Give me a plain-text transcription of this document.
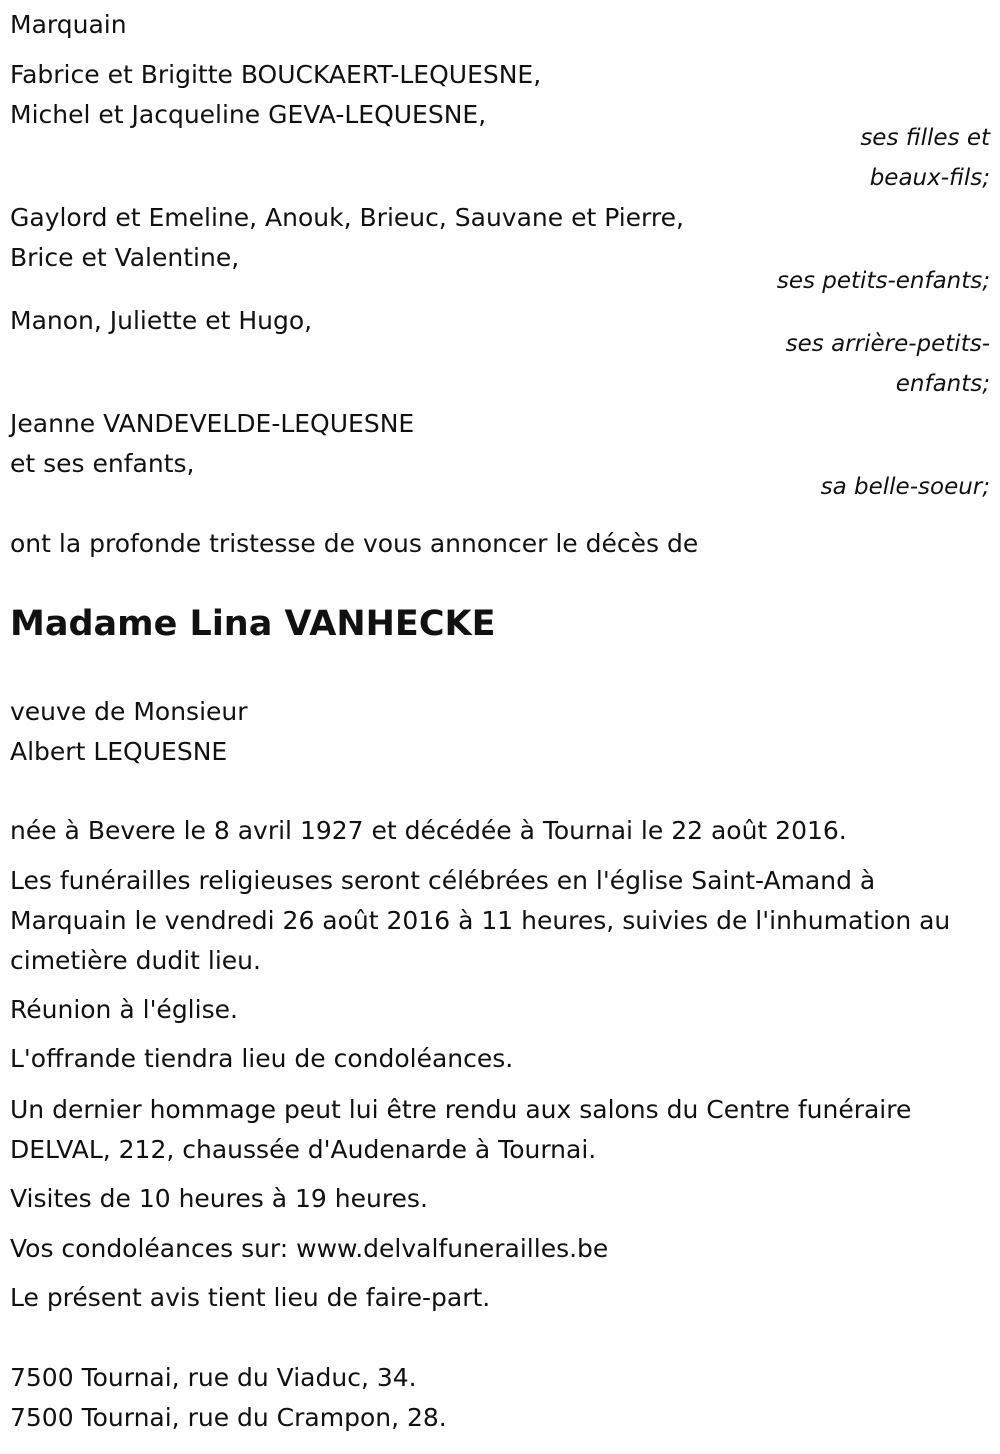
Marquain
Fabrice et Brigitte BOUCKAERT-LEQUESNE,
Michel et Jacqueline GEVA-LEQUESNE,
ses filles et
beaux-fils;
Gaylord et Emeline, Anouk, Brieuc, Sauvane et Pierre,
Brice et Valentine,
ses petits-enfants;
Manon, Juliette et Hugo,
ses arrière-petits-
enfants;
Jeanne VANDEVELDE-LEQUESNE
et ses enfants,
sa belle-soeur;
ont la profonde tristesse de vous annoncer le décès de
Madame Lina VANHECKE
veuve de Monsieur
Albert LEQUESNE
née à Bevere le 8 avril 1927 et décédée à Tournai le 22 août 2016.
Les funérailles religieuses seront célébrées en l'église Saint-Amand à
Marquain le vendredi 26 août 2016 à 11 heures, suivies de l'inhumation au
cimetière dudit lieu.
Réunion à l'église.
L'offrande tiendra lieu de condoléances.
Un dernier hommage peut lui être rendu aux salons du Centre funéraire
DELVAL, 212, chaussée d'Audenarde à Tournai.
Visites de 10 heures à 19 heures.
Vos condoléances sur: www.delvalfunerailles.be
Le présent avis tient lieu de faire-part.
7500 Tournai, rue du Viaduc, 34.
7500 Tournai, rue du Crampon, 28.
